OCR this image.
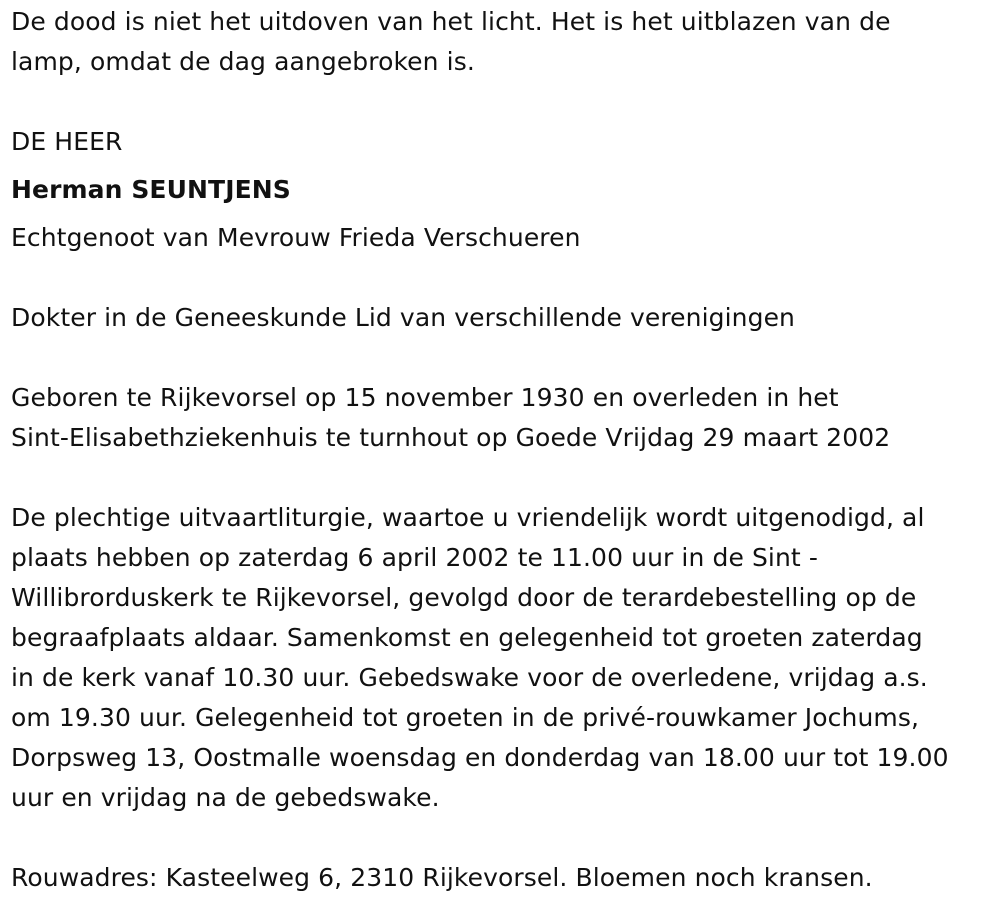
De dood is niet het uitdoven van het licht. Het is het uitblazen van de
lamp, omdat de dag aangebroken is.

DE HEER
Herman SEUNTJENS
Echtgenoot van Mevrouw Frieda Verschueren

Dokter in de Geneeskunde Lid van verschillende verenigingen

Geboren te Rijkevorsel op 15 november 1930 en overleden in het
Sint-Elisabethziekenhuis te turnhout op Goede Vrijdag 29 maart 2002

De plechtige uitvaartliturgie, waartoe u vriendelijk wordt uitgenodigd, al
plaats hebben op zaterdag 6 april 2002 te 11.00 uur in de Sint -
Willibrorduskerk te Rijkevorsel, gevolgd door de terardebestelling op de
begraafplaats aldaar. Samenkomst en gelegenheid tot groeten zaterdag
in de kerk vanaf 10.30 uur. Gebedswake voor de overledene, vrijdag a.s.
om 19.30 uur. Gelegenheid tot groeten in de privé-rouwkamer Jochums,
Dorpsweg 13, Oostmalle woensdag en donderdag van 18.00 uur tot 19.00
uur en vrijdag na de gebedswake.

Rouwadres: Kasteelweg 6, 2310 Rijkevorsel. Bloemen noch kransen.
